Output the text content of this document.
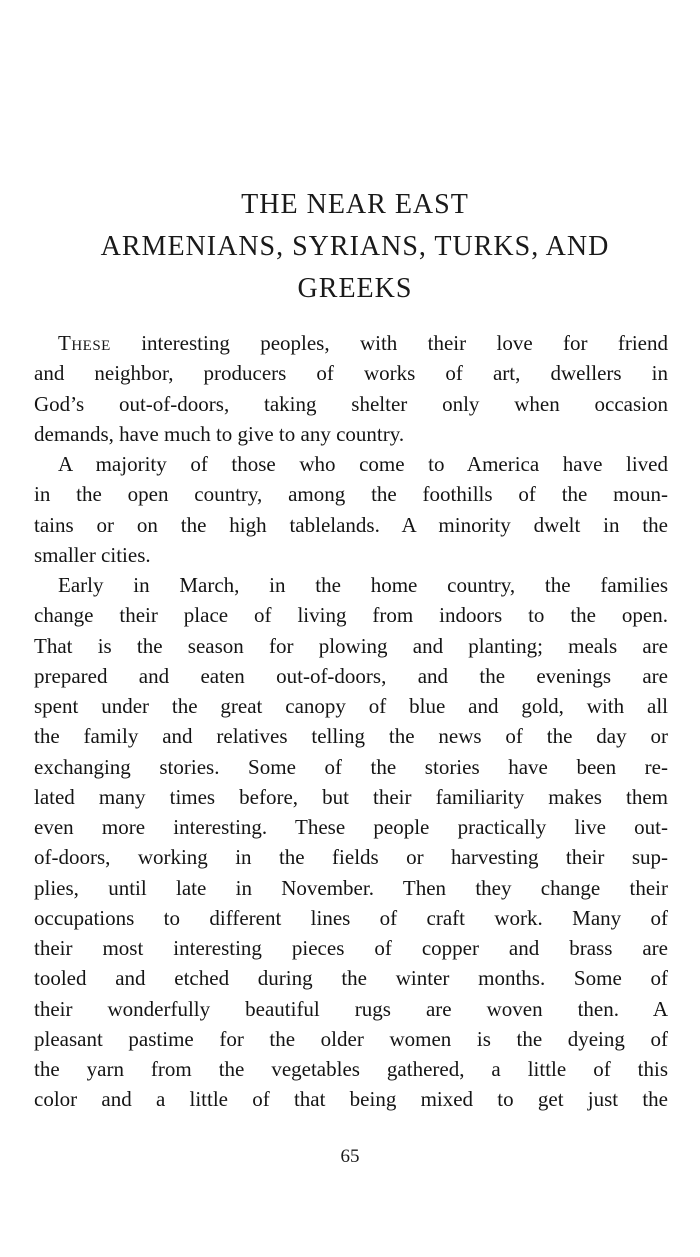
THE NEAR EAST
ARMENIANS, SYRIANS, TURKS, AND
GREEKS
These interesting peoples, with their love for friend
and neighbor, producers of works of art, dwellers in
God’s out-of-doors, taking shelter only when occasion
demands, have much to give to any country.
A majority of those who come to America have lived
in the open country, among the foothills of the moun-
tains or on the high tablelands. A minority dwelt in the
smaller cities.
Early in March, in the home country, the families
change their place of living from indoors to the open.
That is the season for plowing and planting; meals are
prepared and eaten out-of-doors, and the evenings are
spent under the great canopy of blue and gold, with all
the family and relatives telling the news of the day or
exchanging stories. Some of the stories have been re-
lated many times before, but their familiarity makes them
even more interesting. These people practically live out-
of-doors, working in the fields or harvesting their sup-
plies, until late in November. Then they change their
occupations to different lines of craft work. Many of
their most interesting pieces of copper and brass are
tooled and etched during the winter months. Some of
their wonderfully beautiful rugs are woven then. A
pleasant pastime for the older women is the dyeing of
the yarn from the vegetables gathered, a little of this
color and a little of that being mixed to get just the
65
